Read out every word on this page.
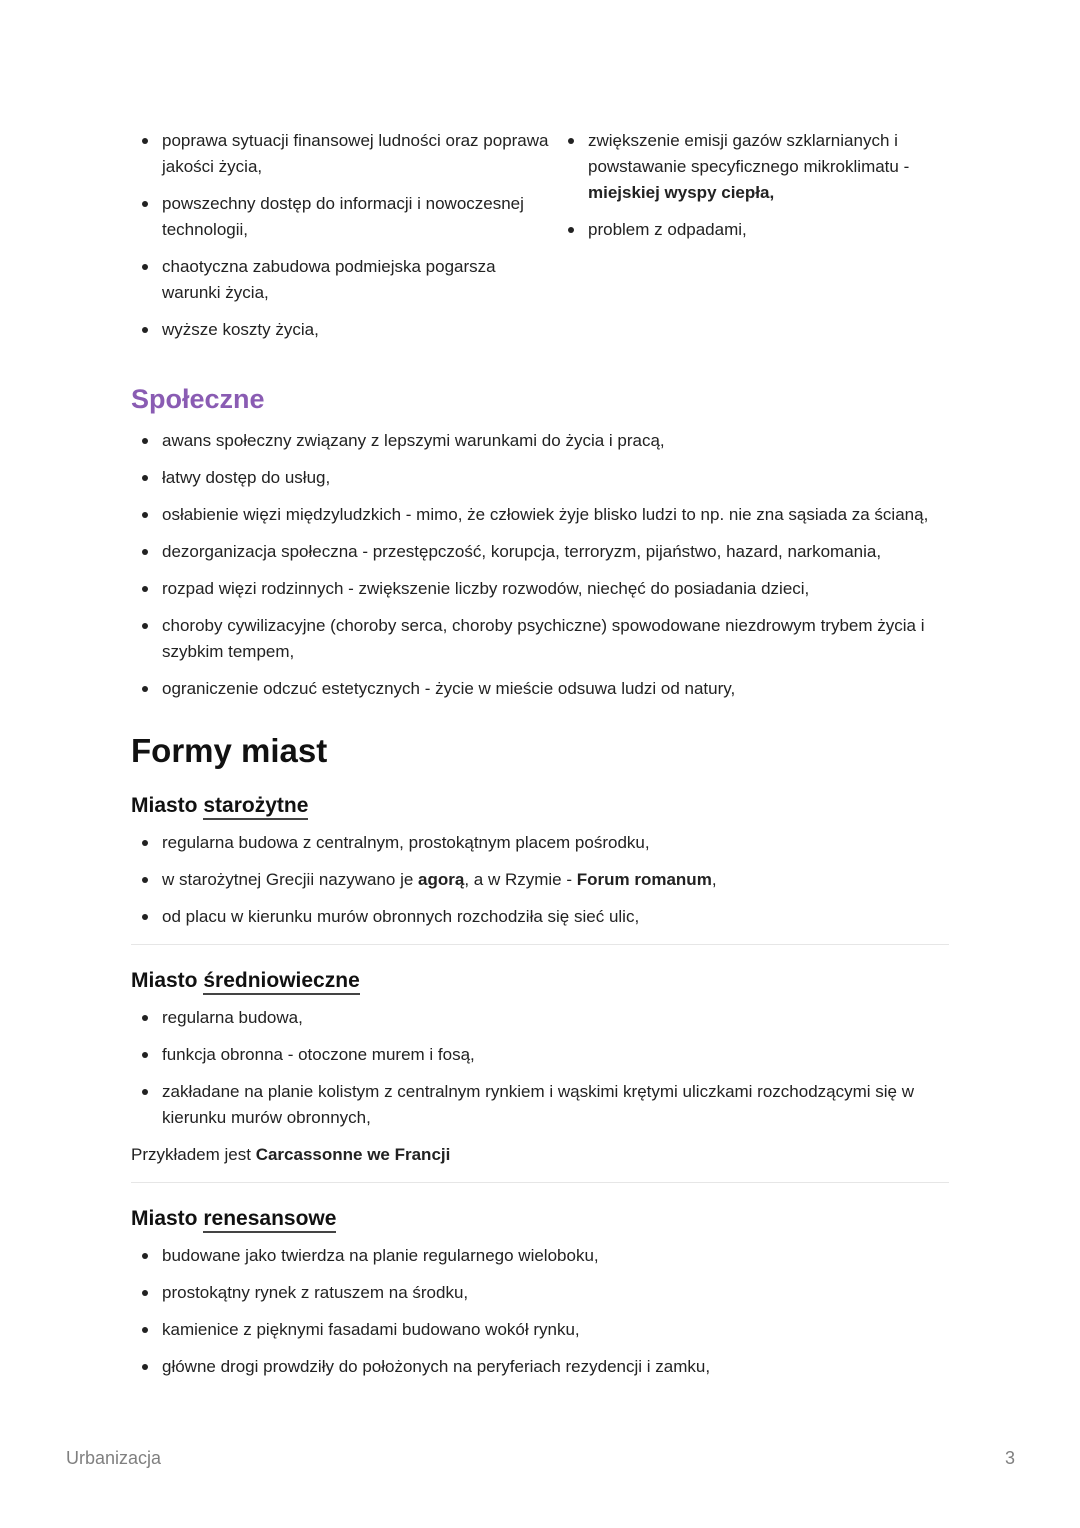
poprawa sytuacji finansowej ludności oraz poprawa jakości życia,
powszechny dostęp do informacji i nowoczesnej technologii,
chaotyczna zabudowa podmiejska pogarsza warunki życia,
wyższe koszty życia,
zwiększenie emisji gazów szklarnianych i powstawanie specyficznego mikroklimatu - miejskiej wyspy ciepła,
problem z odpadami,
Społeczne
awans społeczny związany z lepszymi warunkami do życia i pracą,
łatwy dostęp do usług,
osłabienie więzi międzyludzkich - mimo, że człowiek żyje blisko ludzi to np. nie zna sąsiada za ścianą,
dezorganizacja społeczna - przestępczość, korupcja, terroryzm, pijaństwo, hazard, narkomania,
rozpad więzi rodzinnych - zwiększenie liczby rozwodów, niechęć do posiadania dzieci,
choroby cywilizacyjne (choroby serca, choroby psychiczne) spowodowane niezdrowym trybem życia i szybkim tempem,
ograniczenie odczuć estetycznych - życie w mieście odsuwa ludzi od natury,
Formy miast
Miasto starożytne
regularna budowa z centralnym, prostokątnym placem pośrodku,
w starożytnej Grecjii nazywano je agorą, a w Rzymie - Forum romanum,
od placu w kierunku murów obronnych rozchodziła się sieć ulic,
Miasto średniowieczne
regularna budowa,
funkcja obronna - otoczone murem i fosą,
zakładane na planie kolistym z centralnym rynkiem i wąskimi krętymi uliczkami rozchodzącymi się w kierunku murów obronnych,

Przykładem jest Carcassonne we Francji

Miasto renesansowe
budowane jako twierdza na planie regularnego wieloboku,
prostokątny rynek z ratuszem na środku,
kamienice z pięknymi fasadami budowano wokół rynku,
główne drogi prowdziły do położonych na peryferiach rezydencji i zamku,
Urbanizacja	3
